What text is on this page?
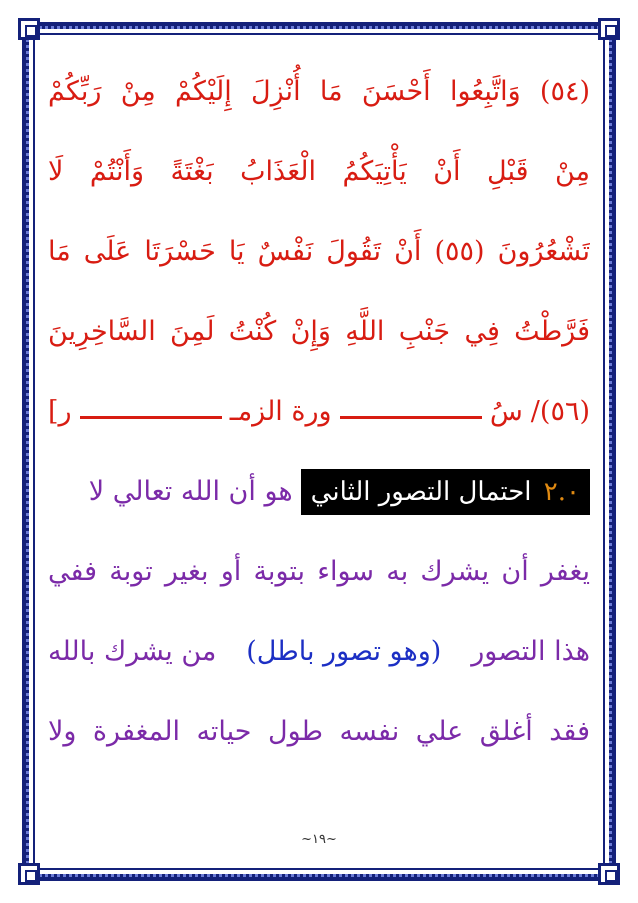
(٥٤) وَاتَّبِعُوا أَحْسَنَ مَا أُنْزِلَ إِلَيْكُمْ مِنْ رَبِّكُمْ
مِنْ قَبْلِ أَنْ يَأْتِيَكُمُ الْعَذَابُ بَغْتَةً وَأَنْتُمْ لَا
تَشْعُرُونَ (٥٥) أَنْ تَقُولَ نَفْسٌ يَا حَسْرَتَا عَلَى مَا
فَرَّطْتُ فِي جَنْبِ اللَّهِ وَإِنْ كُنْتُ لَمِنَ السَّاخِرِينَ
(٥٦)/
سُ
ورة الزمـ
ر]
٢.٠ احتمال التصور الثاني
هو أن الله تعالي لا
يغفر أن يشرك به سواء بتوبة أو بغير توبة ففي
هذا التصور
(وهو تصور باطل)
من يشرك بالله
فقد أغلق علي نفسه طول حياته المغفرة ولا
~١٩~
